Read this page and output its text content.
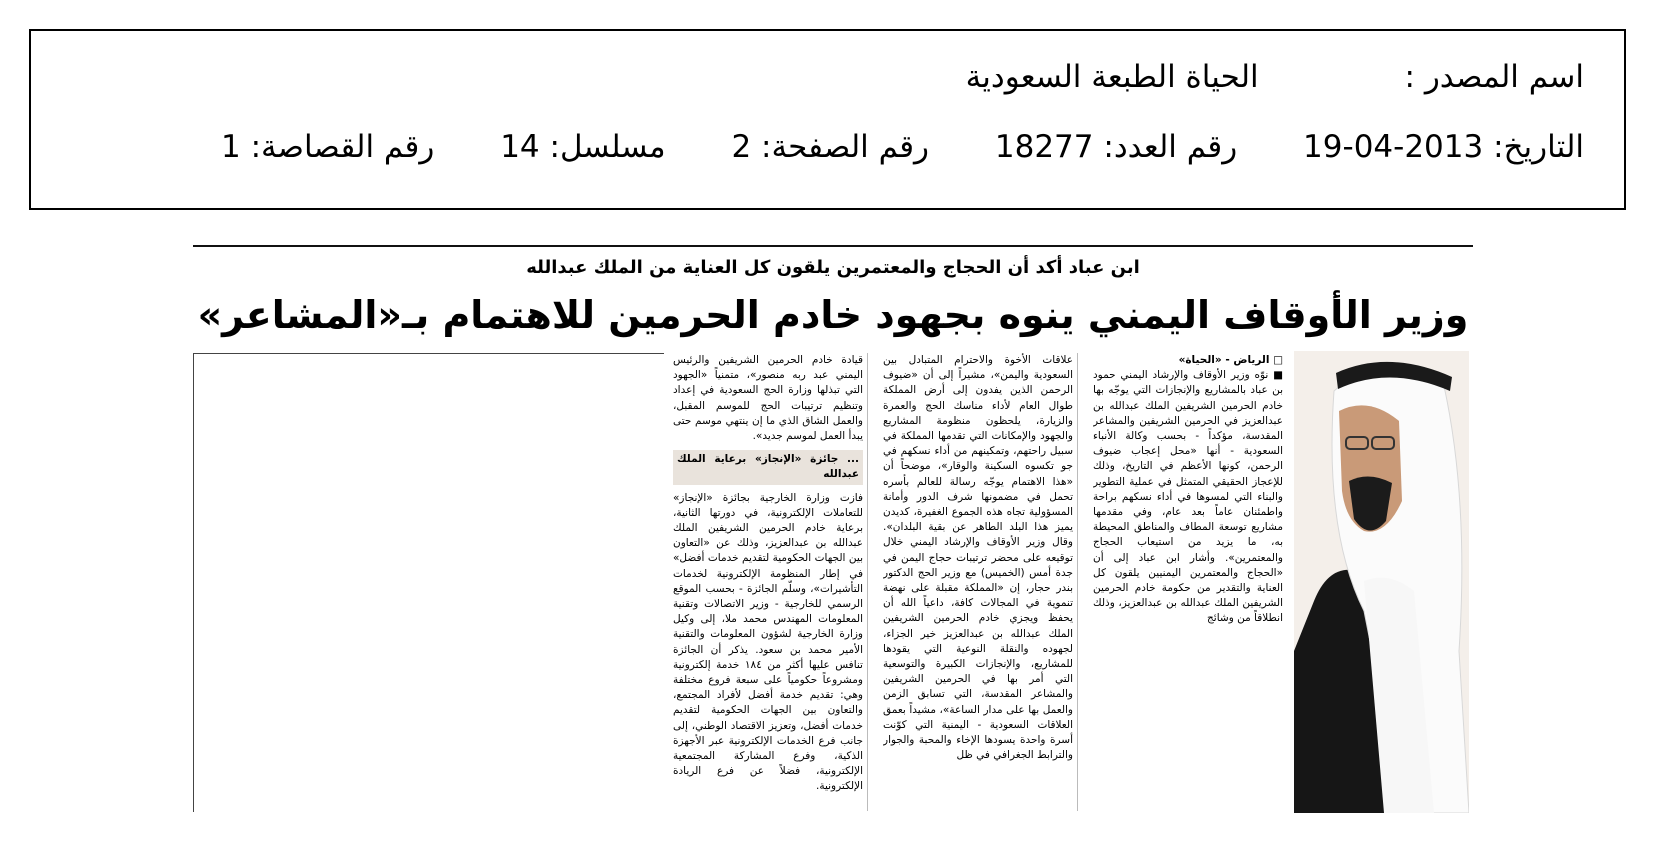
اسم المصدر : الحياة الطبعة السعودية
التاريخ: 2013-04-19 رقم العدد: 18277 رقم الصفحة: 2 مسلسل: 14 رقم القصاصة: 1
ابن عباد أكد أن الحجاج والمعتمرين يلقون كل العناية من الملك عبدالله
وزير الأوقاف اليمني ينوه بجهود خادم الحرمين للاهتمام بـ«المشاعر»
□ الرياض - «الحياة»
■ نوّه وزير الأوقاف والإرشاد اليمني حمود بن عباد بالمشاريع والإنجازات التي يوجّه بها خادم الحرمين الشريفين الملك عبدالله بن عبدالعزيز في الحرمين الشريفين والمشاعر المقدسة، مؤكداً - بحسب وكالة الأنباء السعودية - أنها «محل إعجاب ضيوف الرحمن، كونها الأعظم في التاريخ، وذلك للإعجاز الحقيقي المتمثل في عملية التطوير والبناء التي لمسوها في أداء نسكهم براحة واطمئنان عاماً بعد عام، وفي مقدمها مشاريع توسعة المطاف والمناطق المحيطة به، ما يزيد من استيعاب الحجاج والمعتمرين». وأشار ابن عباد إلى أن «الحجاج والمعتمرين اليمنيين يلقون كل العناية والتقدير من حكومة خادم الحرمين الشريفين الملك عبدالله بن عبدالعزيز، وذلك انطلاقاً من وشائج
علاقات الأخوة والاحترام المتبادل بين السعودية واليمن»، مشيراً إلى أن «ضيوف الرحمن الذين يفدون إلى أرض المملكة طوال العام لأداء مناسك الحج والعمرة والزيارة، يلحظون منظومة المشاريع والجهود والإمكانات التي تقدمها المملكة في سبيل راحتهم، وتمكينهم من أداء نسكهم في جو تكسوه السكينة والوقار»، موضحاً أن «هذا الاهتمام يوجّه رسالة للعالم بأسره تحمل في مضمونها شرف الدور وأمانة المسؤولية تجاه هذه الجموع الغفيرة، كديدن يميز هذا البلد الطاهر عن بقية البلدان». وقال وزير الأوقاف والإرشاد اليمني خلال توقيعه على محضر ترتيبات حجاج اليمن في جدة أمس (الخميس) مع وزير الحج الدكتور بندر حجار، إن «المملكة مقبلة على نهضة تنموية في المجالات كافة، داعياً الله أن يحفظ ويجزي خادم الحرمين الشريفين الملك عبدالله بن عبدالعزيز خير الجزاء، لجهوده والنقلة النوعية التي يقودها للمشاريع، والإنجازات الكبيرة والتوسعية التي أمر بها في الحرمين الشريفين والمشاعر المقدسة، التي تسابق الزمن والعمل بها على مدار الساعة»، مشيداً بعمق العلاقات السعودية - اليمنية التي كوّنت أسرة واحدة يسودها الإخاء والمحبة والجوار والترابط الجغرافي في ظل
قيادة خادم الحرمين الشريفين والرئيس اليمني عبد ربه منصور»، متمنياً «الجهود التي تبذلها وزارة الحج السعودية في إعداد وتنظيم ترتيبات الحج للموسم المقبل، والعمل الشاق الذي ما إن ينتهي موسم حتى يبدأ العمل لموسم جديد».
... جائزة «الإنجاز» برعاية الملك عبدالله
فازت وزارة الخارجية بجائزة «الإنجاز» للتعاملات الإلكترونية، في دورتها الثانية، برعاية خادم الحرمين الشريفين الملك عبدالله بن عبدالعزيز، وذلك عن «التعاون بين الجهات الحكومية لتقديم خدمات أفضل» في إطار المنظومة الإلكترونية لخدمات التأشيرات»، وسلّم الجائزة - بحسب الموقع الرسمي للخارجية - وزير الاتصالات وتقنية المعلومات المهندس محمد ملا، إلى وكيل وزارة الخارجية لشؤون المعلومات والتقنية الأمير محمد بن سعود. يذكر أن الجائزة تنافس عليها أكثر من ١٨٤ خدمة إلكترونية ومشروعاً حكومياً على سبعة فروع مختلفة وهي: تقديم خدمة أفضل لأفراد المجتمع، والتعاون بين الجهات الحكومية لتقديم خدمات أفضل، وتعزيز الاقتصاد الوطني، إلى جانب فرع الخدمات الإلكترونية عبر الأجهزة الذكية، وفرع المشاركة المجتمعية الإلكترونية، فضلاً عن فرع الريادة الإلكترونية.
